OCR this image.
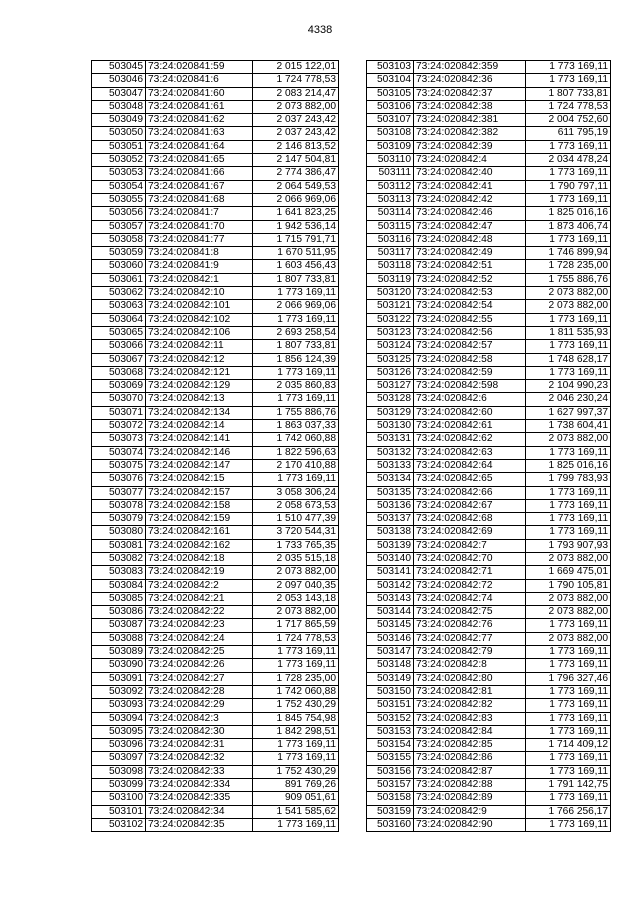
4338
503045	73:24:020841:59	2 015 122,01
503046	73:24:020841:6	1 724 778,53
503047	73:24:020841:60	2 083 214,47
503048	73:24:020841:61	2 073 882,00
503049	73:24:020841:62	2 037 243,42
503050	73:24:020841:63	2 037 243,42
503051	73:24:020841:64	2 146 813,52
503052	73:24:020841:65	2 147 504,81
503053	73:24:020841:66	2 774 386,47
503054	73:24:020841:67	2 064 549,53
503055	73:24:020841:68	2 066 969,06
503056	73:24:020841:7	1 641 823,25
503057	73:24:020841:70	1 942 536,14
503058	73:24:020841:77	1 715 791,71
503059	73:24:020841:8	1 670 511,95
503060	73:24:020841:9	1 603 456,43
503061	73:24:020842:1	1 807 733,81
503062	73:24:020842:10	1 773 169,11
503063	73:24:020842:101	2 066 969,06
503064	73:24:020842:102	1 773 169,11
503065	73:24:020842:106	2 693 258,54
503066	73:24:020842:11	1 807 733,81
503067	73:24:020842:12	1 856 124,39
503068	73:24:020842:121	1 773 169,11
503069	73:24:020842:129	2 035 860,83
503070	73:24:020842:13	1 773 169,11
503071	73:24:020842:134	1 755 886,76
503072	73:24:020842:14	1 863 037,33
503073	73:24:020842:141	1 742 060,88
503074	73:24:020842:146	1 822 596,63
503075	73:24:020842:147	2 170 410,88
503076	73:24:020842:15	1 773 169,11
503077	73:24:020842:157	3 058 306,24
503078	73:24:020842:158	2 058 673,53
503079	73:24:020842:159	1 510 477,39
503080	73:24:020842:161	3 720 544,31
503081	73:24:020842:162	1 733 765,35
503082	73:24:020842:18	2 035 515,18
503083	73:24:020842:19	2 073 882,00
503084	73:24:020842:2	2 097 040,35
503085	73:24:020842:21	2 053 143,18
503086	73:24:020842:22	2 073 882,00
503087	73:24:020842:23	1 717 865,59
503088	73:24:020842:24	1 724 778,53
503089	73:24:020842:25	1 773 169,11
503090	73:24:020842:26	1 773 169,11
503091	73:24:020842:27	1 728 235,00
503092	73:24:020842:28	1 742 060,88
503093	73:24:020842:29	1 752 430,29
503094	73:24:020842:3	1 845 754,98
503095	73:24:020842:30	1 842 298,51
503096	73:24:020842:31	1 773 169,11
503097	73:24:020842:32	1 773 169,11
503098	73:24:020842:33	1 752 430,29
503099	73:24:020842:334	891 769,26
503100	73:24:020842:335	909 051,61
503101	73:24:020842:34	1 541 585,62
503102	73:24:020842:35	1 773 169,11
503103	73:24:020842:359	1 773 169,11
503104	73:24:020842:36	1 773 169,11
503105	73:24:020842:37	1 807 733,81
503106	73:24:020842:38	1 724 778,53
503107	73:24:020842:381	2 004 752,60
503108	73:24:020842:382	611 795,19
503109	73:24:020842:39	1 773 169,11
503110	73:24:020842:4	2 034 478,24
503111	73:24:020842:40	1 773 169,11
503112	73:24:020842:41	1 790 797,11
503113	73:24:020842:42	1 773 169,11
503114	73:24:020842:46	1 825 016,16
503115	73:24:020842:47	1 873 406,74
503116	73:24:020842:48	1 773 169,11
503117	73:24:020842:49	1 746 899,94
503118	73:24:020842:51	1 728 235,00
503119	73:24:020842:52	1 755 886,76
503120	73:24:020842:53	2 073 882,00
503121	73:24:020842:54	2 073 882,00
503122	73:24:020842:55	1 773 169,11
503123	73:24:020842:56	1 811 535,93
503124	73:24:020842:57	1 773 169,11
503125	73:24:020842:58	1 748 628,17
503126	73:24:020842:59	1 773 169,11
503127	73:24:020842:598	2 104 990,23
503128	73:24:020842:6	2 046 230,24
503129	73:24:020842:60	1 627 997,37
503130	73:24:020842:61	1 738 604,41
503131	73:24:020842:62	2 073 882,00
503132	73:24:020842:63	1 773 169,11
503133	73:24:020842:64	1 825 016,16
503134	73:24:020842:65	1 799 783,93
503135	73:24:020842:66	1 773 169,11
503136	73:24:020842:67	1 773 169,11
503137	73:24:020842:68	1 773 169,11
503138	73:24:020842:69	1 773 169,11
503139	73:24:020842:7	1 793 907,93
503140	73:24:020842:70	2 073 882,00
503141	73:24:020842:71	1 669 475,01
503142	73:24:020842:72	1 790 105,81
503143	73:24:020842:74	2 073 882,00
503144	73:24:020842:75	2 073 882,00
503145	73:24:020842:76	1 773 169,11
503146	73:24:020842:77	2 073 882,00
503147	73:24:020842:79	1 773 169,11
503148	73:24:020842:8	1 773 169,11
503149	73:24:020842:80	1 796 327,46
503150	73:24:020842:81	1 773 169,11
503151	73:24:020842:82	1 773 169,11
503152	73:24:020842:83	1 773 169,11
503153	73:24:020842:84	1 773 169,11
503154	73:24:020842:85	1 714 409,12
503155	73:24:020842:86	1 773 169,11
503156	73:24:020842:87	1 773 169,11
503157	73:24:020842:88	1 791 142,75
503158	73:24:020842:89	1 773 169,11
503159	73:24:020842:9	1 766 256,17
503160	73:24:020842:90	1 773 169,11
